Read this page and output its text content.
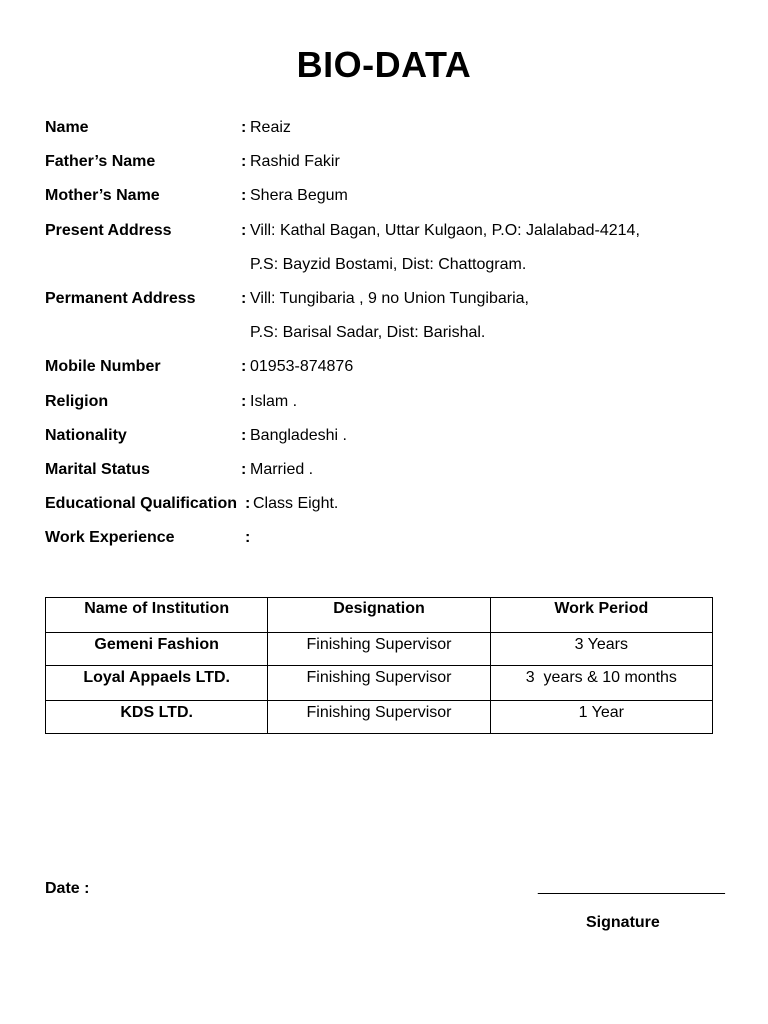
BIO-DATA
Name	: Reaiz
Father’s Name	: Rashid Fakir
Mother’s Name	: Shera Begum
Present Address	: Vill: Kathal Bagan, Uttar Kulgaon, P.O: Jalalabad-4214,
P.S: Bayzid Bostami, Dist: Chattogram.
Permanent Address	: Vill: Tungibaria , 9 no Union Tungibaria,
P.S: Barisal Sadar, Dist: Barishal.
Mobile Number	: 01953-874876
Religion	: Islam .
Nationality	: Bangladeshi .
Marital Status	: Married .
Educational Qualification : Class Eight.
Work Experience	:
Name of Institution	Designation	Work Period
Gemeni Fashion	Finishing Supervisor	3 Years
Loyal Appaels LTD.	Finishing Supervisor	3  years & 10 months
KDS LTD.	Finishing Supervisor	1 Year
Date :	_____________________
Signature
